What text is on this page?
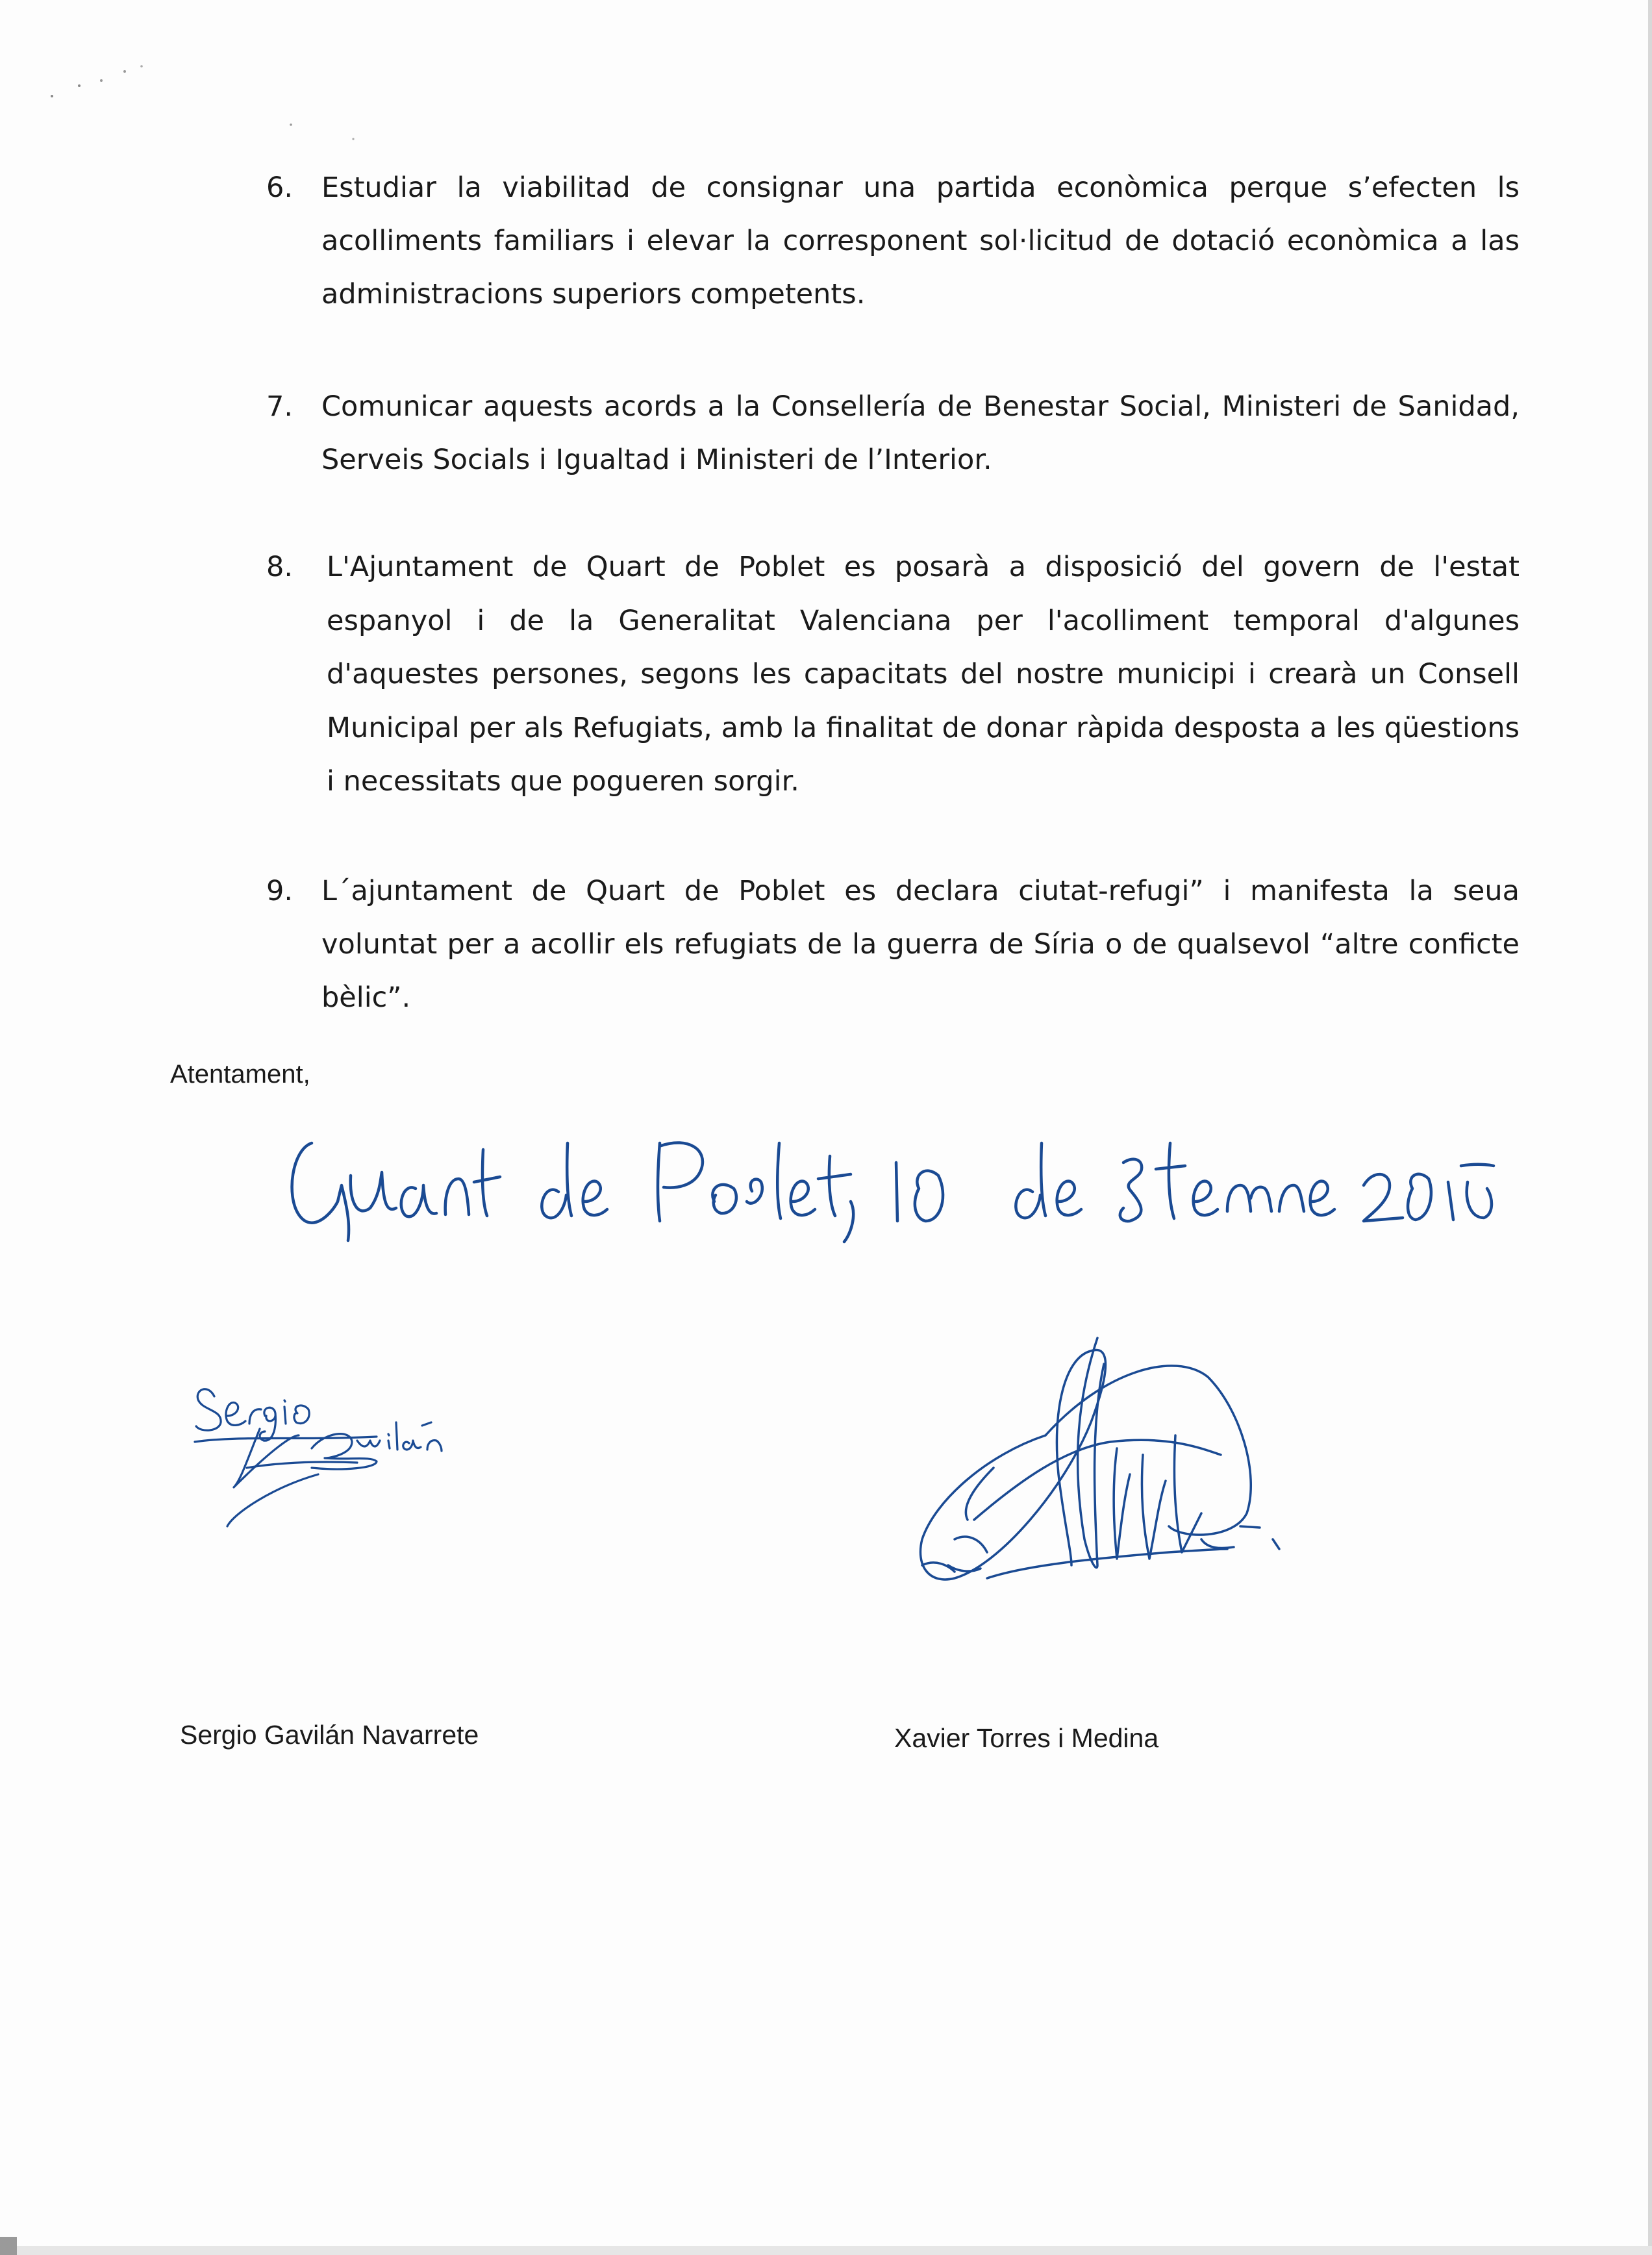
6. Estudiar la viabilitad de consignar una partida econòmica perque s’efecten ls acolliments familiars i elevar la corresponent sol·licitud de dotació econòmica a las administracions superiors competents.

7. Comunicar aquests acords a la Consellería de Benestar Social, Ministeri de Sanidad, Serveis Socials i Igualtad i Ministeri de l’Interior.

8. L'Ajuntament de Quart de Poblet es posarà a disposició del govern de l'estat espanyol i de la Generalitat Valenciana per l'acolliment temporal d'algunes d'aquestes persones, segons les capacitats del nostre municipi i crearà un Consell Municipal per als Refugiats, amb la finalitat de donar ràpida desposta a les qüestions i necessitats que pogueren sorgir.

9. L´ajuntament de Quart de Poblet es declara ciutat-refugi” i manifesta la seua voluntat per a acollir els refugiats de la guerra de Síria o de qualsevol “altre conficte bèlic”.

Atentament,
Sergio Gavilán Navarrete	Xavier Torres i Medina
